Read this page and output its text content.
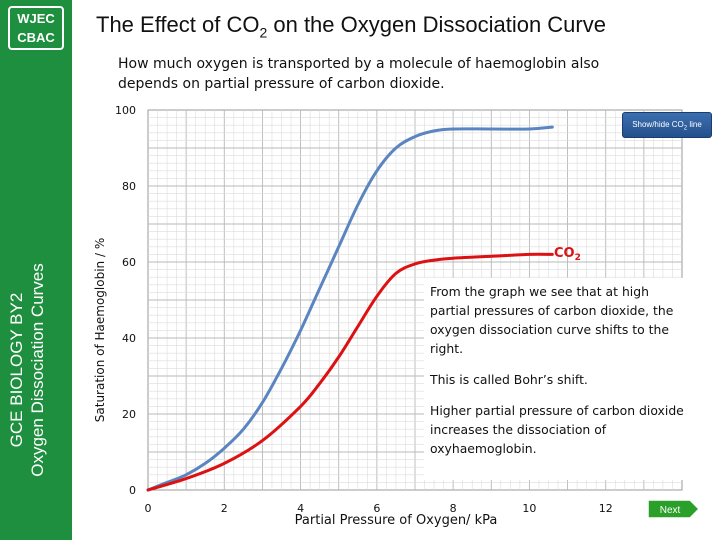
WJEC
CBAC
GCE BIOLOGY BY2 Oxygen Dissociation Curves
The Effect of $CO_2$ on the Oxygen Dissociation Curve
How much oxygen is transported by a molecule of haemoglobin also depends on partial pressure of carbon dioxide.
0
20
40
60
80
100
0	2	4	6	8	10	12
Saturation of Haemoglobin / %
Partial Pressure of Oxygen/ kPa
$CO_2$
Show/hide $CO_2$ line

From the graph we see that at high partial pressures of carbon dioxide, the oxygen dissociation curve shifts to the right.

This is called Bohr’s shift.

Higher partial pressure of carbon dioxide increases the dissociation of oxyhaemoglobin.

Next
